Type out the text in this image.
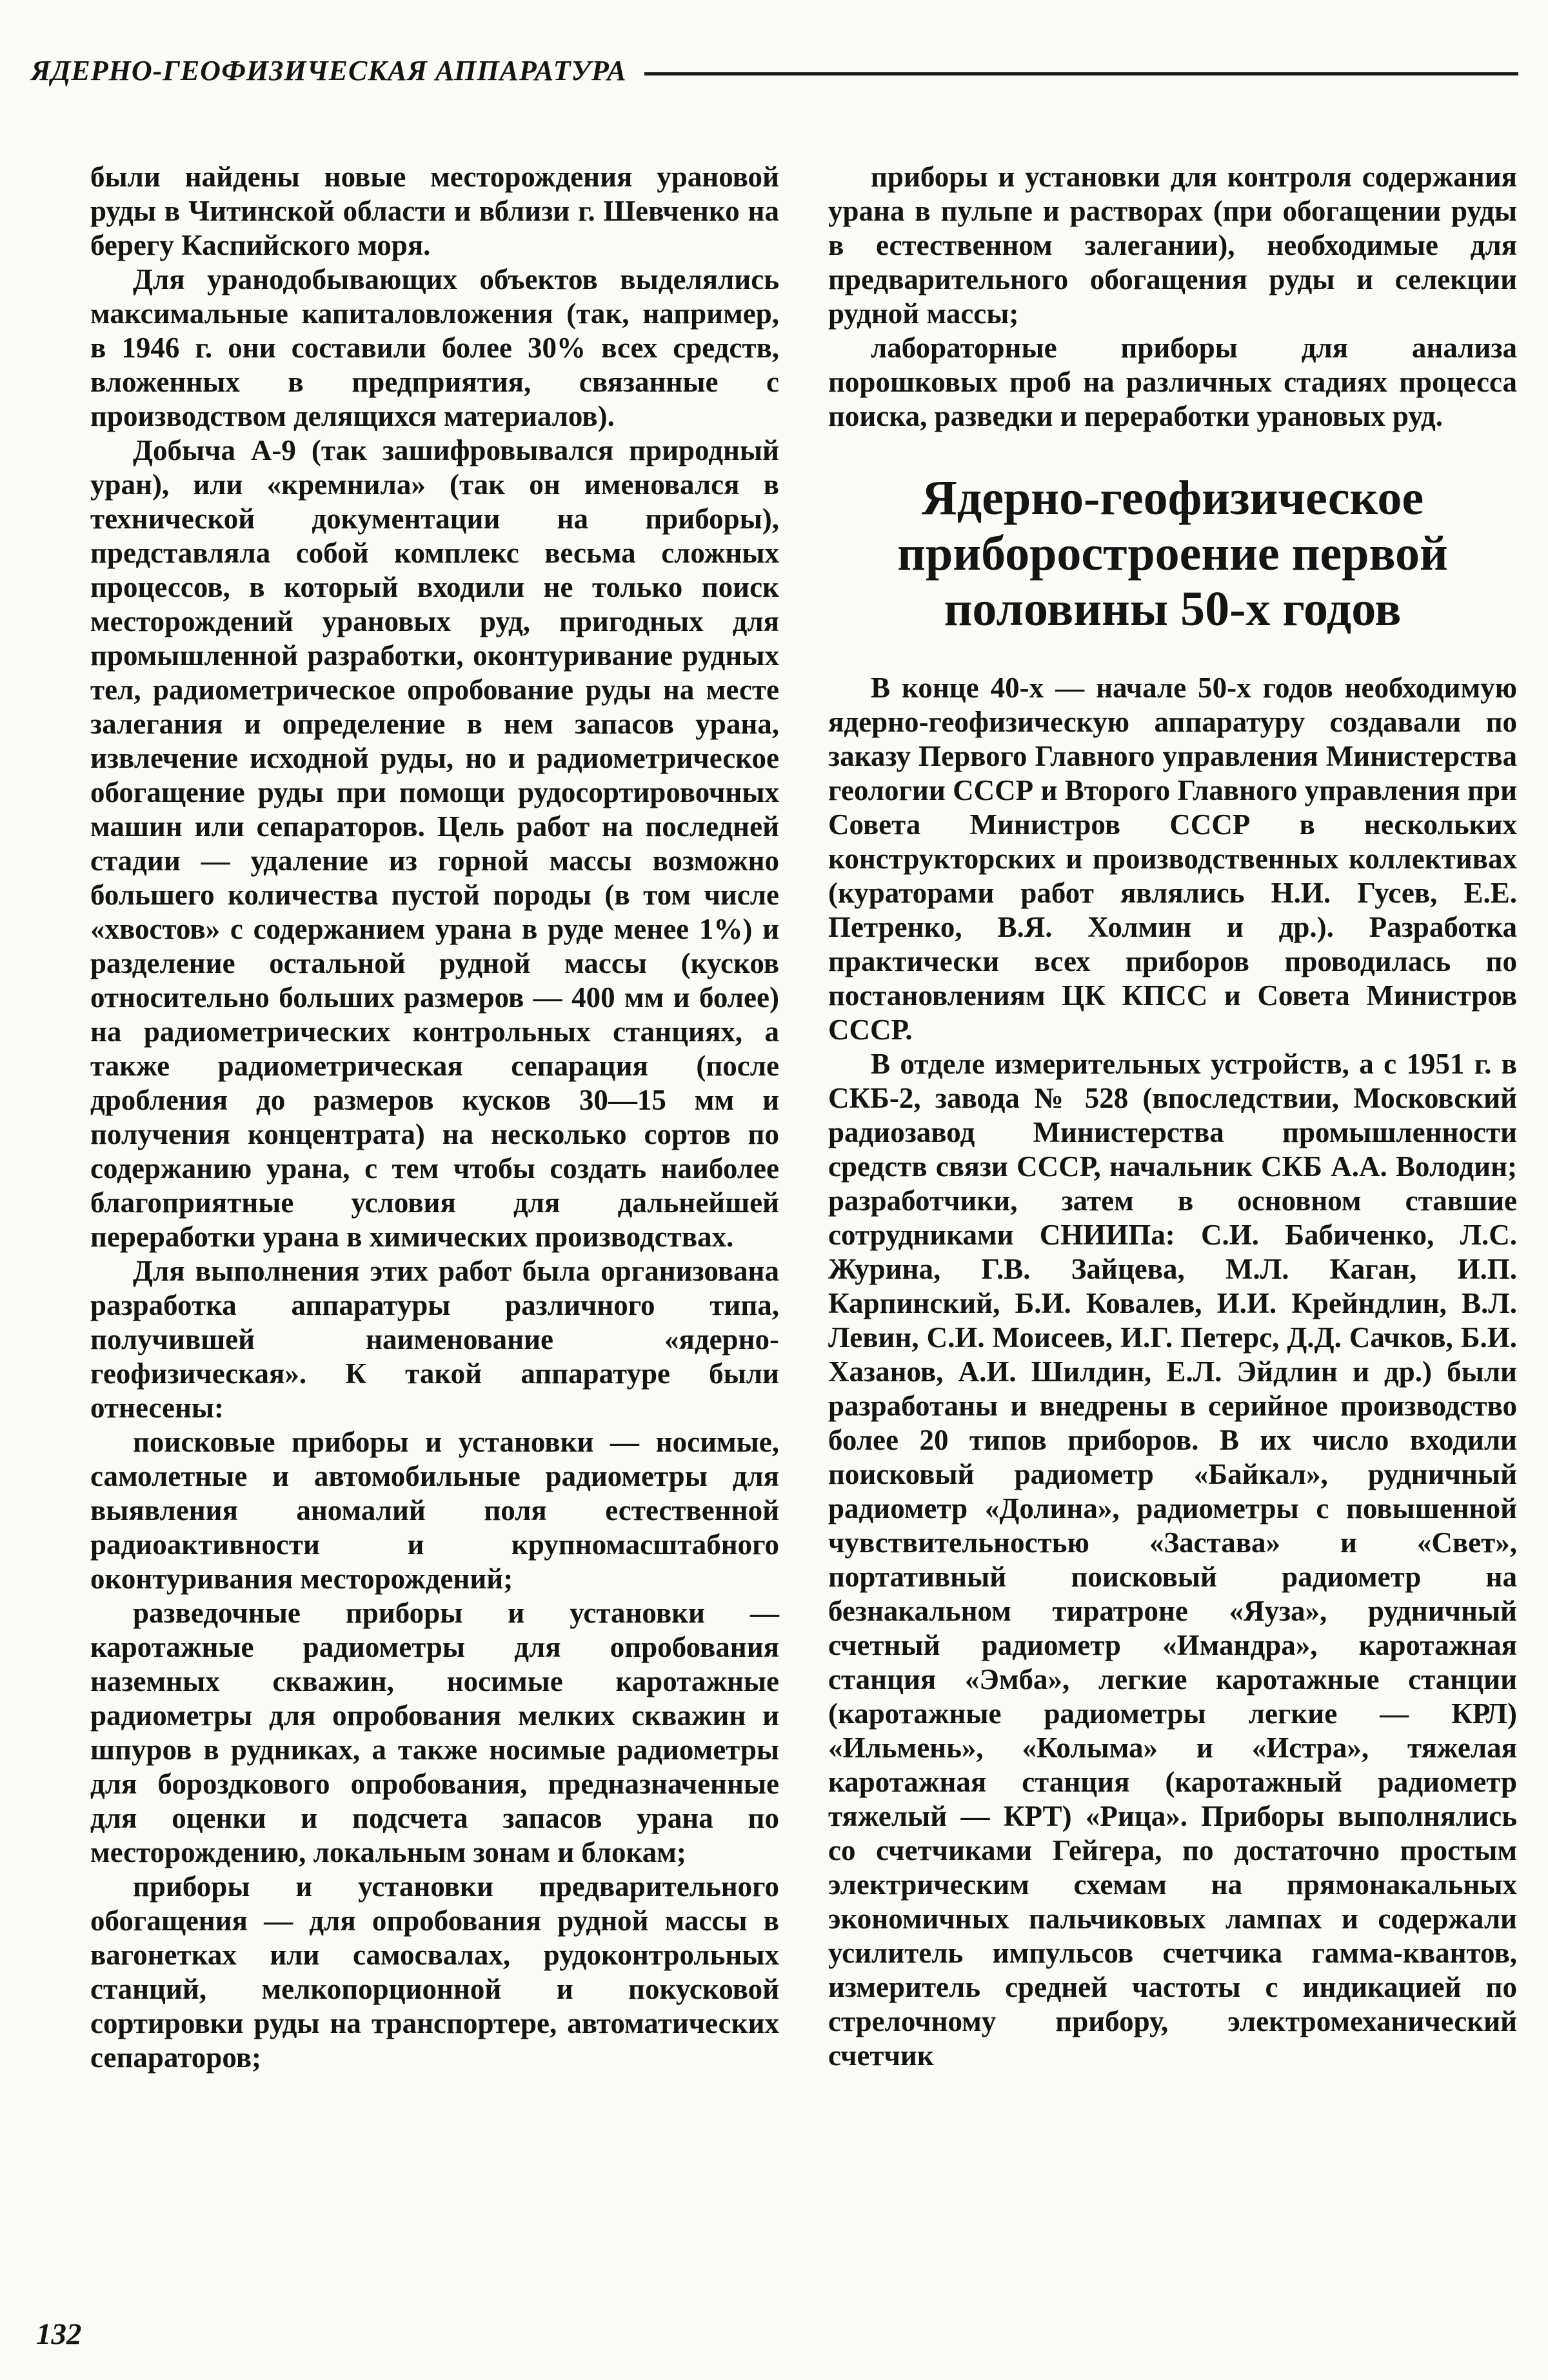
ЯДЕРНО-ГЕОФИЗИЧЕСКАЯ АППАРАТУРА

были найдены новые месторождения урановой руды в Читинской области и вблизи г. Шевченко на берегу Каспийского моря.

Для уранодобывающих объектов выделялись максимальные капиталовложения (так, например, в 1946 г. они составили более 30% всех средств, вложенных в предприятия, связанные с производством делящихся материалов).

Добыча А-9 (так зашифровывался природный уран), или «кремнила» (так он именовался в технической документации на приборы), представляла собой комплекс весьма сложных процессов, в который входили не только поиск месторождений урановых руд, пригодных для промышленной разработки, оконтуривание рудных тел, радиометрическое опробование руды на месте залегания и определение в нем запасов урана, извлечение исходной руды, но и радиометрическое обогащение руды при помощи рудосортировочных машин или сепараторов. Цель работ на последней стадии — удаление из горной массы возможно большего количества пустой породы (в том числе «хвостов» с содержанием урана в руде менее 1%) и разделение остальной рудной массы (кусков относительно больших размеров — 400 мм и более) на радиометрических контрольных станциях, а также радиометрическая сепарация (после дробления до размеров кусков 30—15 мм и получения концентрата) на несколько сортов по содержанию урана, с тем чтобы создать наиболее благоприятные условия для дальнейшей переработки урана в химических производствах.

Для выполнения этих работ была организована разработка аппаратуры различного типа, получившей наименование «ядерно-геофизическая». К такой аппаратуре были отнесены:

поисковые приборы и установки — носимые, самолетные и автомобильные радиометры для выявления аномалий поля естественной радиоактивности и крупномасштабного оконтуривания месторождений;

разведочные приборы и установки — каротажные радиометры для опробования наземных скважин, носимые каротажные радиометры для опробования мелких скважин и шпуров в рудниках, а также носимые радиометры для бороздкового опробования, предназначенные для оценки и подсчета запасов урана по месторождению, локальным зонам и блокам;

приборы и установки предварительного обогащения — для опробования рудной массы в вагонетках или самосвалах, рудоконтрольных станций, мелкопорционной и покусковой сортировки руды на транспортере, автоматических сепараторов;

приборы и установки для контроля содержания урана в пульпе и растворах (при обогащении руды в естественном залегании), необходимые для предварительного обогащения руды и селекции рудной массы;

лабораторные приборы для анализа порошковых проб на различных стадиях процесса поиска, разведки и переработки урановых руд.

Ядерно-геофизическое приборостроение первой половины 50-х годов

В конце 40-х — начале 50-х годов необходимую ядерно-геофизическую аппаратуру создавали по заказу Первого Главного управления Министерства геологии СССР и Второго Главного управления при Совета Министров СССР в нескольких конструкторских и производственных коллективах (кураторами работ являлись Н.И. Гусев, Е.Е. Петренко, В.Я. Холмин и др.). Разработка практически всех приборов проводилась по постановлениям ЦК КПСС и Совета Министров СССР.

В отделе измерительных устройств, а с 1951 г. в СКБ-2, завода № 528 (впоследствии, Московский радиозавод Министерства промышленности средств связи СССР, начальник СКБ А.А. Володин; разработчики, затем в основном ставшие сотрудниками СНИИПа: С.И. Бабиченко, Л.С. Журина, Г.В. Зайцева, М.Л. Каган, И.П. Карпинский, Б.И. Ковалев, И.И. Крейндлин, В.Л. Левин, С.И. Моисеев, И.Г. Петерс, Д.Д. Сачков, Б.И. Хазанов, А.И. Шилдин, Е.Л. Эйдлин и др.) были разработаны и внедрены в серийное производство более 20 типов приборов. В их число входили поисковый радиометр «Байкал», рудничный радиометр «Долина», радиометры с повышенной чувствительностью «Застава» и «Свет», портативный поисковый радиометр на безнакальном тиратроне «Яуза», рудничный счетный радиометр «Имандра», каротажная станция «Эмба», легкие каротажные станции (каротажные радиометры легкие — КРЛ) «Ильмень», «Колыма» и «Истра», тяжелая каротажная станция (каротажный радиометр тяжелый — КРТ) «Рица». Приборы выполнялись со счетчиками Гейгера, по достаточно простым электрическим схемам на прямонакальных экономичных пальчиковых лампах и содержали усилитель импульсов счетчика гамма-квантов, измеритель средней частоты с индикацией по стрелочному прибору, электромеханический счетчик

132
